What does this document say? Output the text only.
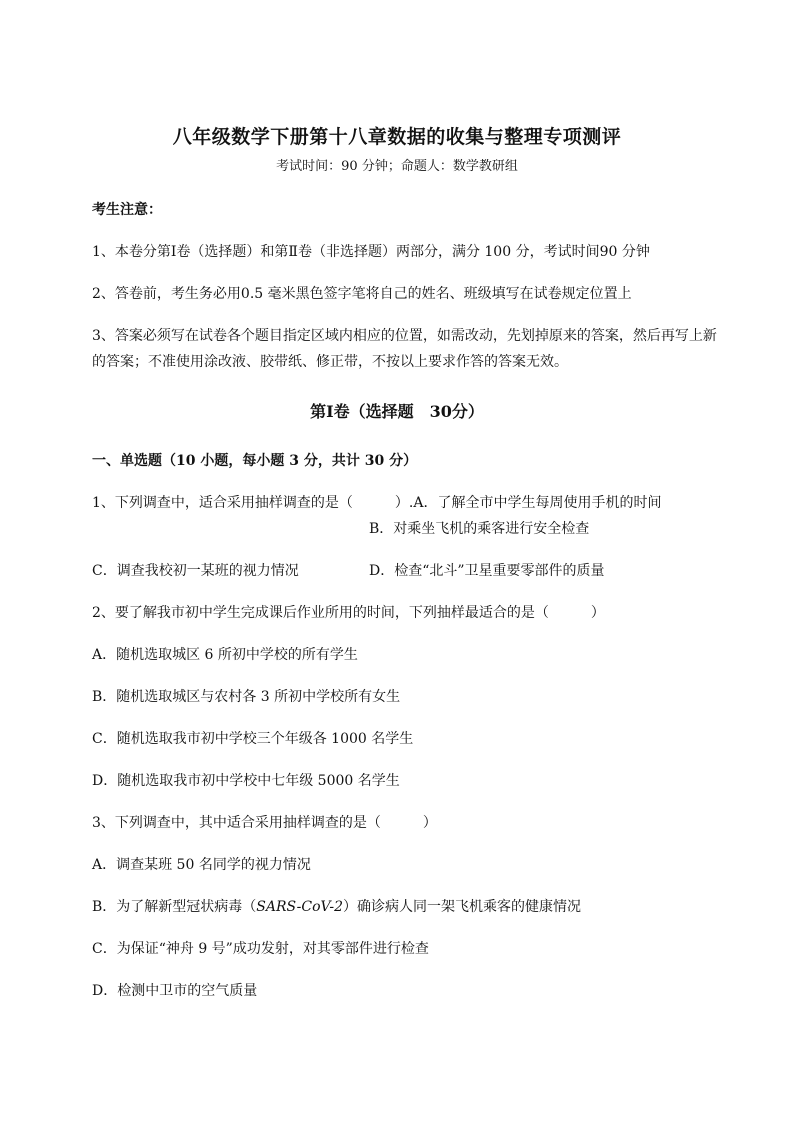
八年级数学下册第十八章数据的收集与整理专项测评
考试时间：90 分钟；命题人：数学教研组
考生注意：
1、本卷分第Ⅰ卷（选择题）和第Ⅱ卷（非选择题）两部分，满分 100 分，考试时间90 分钟
2、答卷前，考生务必用0.5 毫米黑色签字笔将自己的姓名、班级填写在试卷规定位置上
3、答案必须写在试卷各个题目指定区域内相应的位置，如需改动，先划掉原来的答案，然后再写上新
的答案；不准使用涂改液、胶带纸、修正带，不按以上要求作答的答案无效。
第Ⅰ卷（选择题　30分）
一、单选题（10 小题，每小题 3 分，共计 30 分）
1、下列调查中，适合采用抽样调查的是（　　　）.A．了解全市中学生每周使用手机的时间
B．对乘坐飞机的乘客进行安全检查
C．调查我校初一某班的视力情况	D．检查“北斗”卫星重要零部件的质量
2、要了解我市初中学生完成课后作业所用的时间，下列抽样最适合的是（　　　）
A．随机选取城区 6 所初中学校的所有学生
B．随机选取城区与农村各 3 所初中学校所有女生
C．随机选取我市初中学校三个年级各 1000 名学生
D．随机选取我市初中学校中七年级 5000 名学生
3、下列调查中，其中适合采用抽样调查的是（　　　）
A．调查某班 50 名同学的视力情况
B．为了解新型冠状病毒（SARS-CoV-2）确诊病人同一架飞机乘客的健康情况
C．为保证“神舟 9 号”成功发射，对其零部件进行检查
D．检测中卫市的空气质量
